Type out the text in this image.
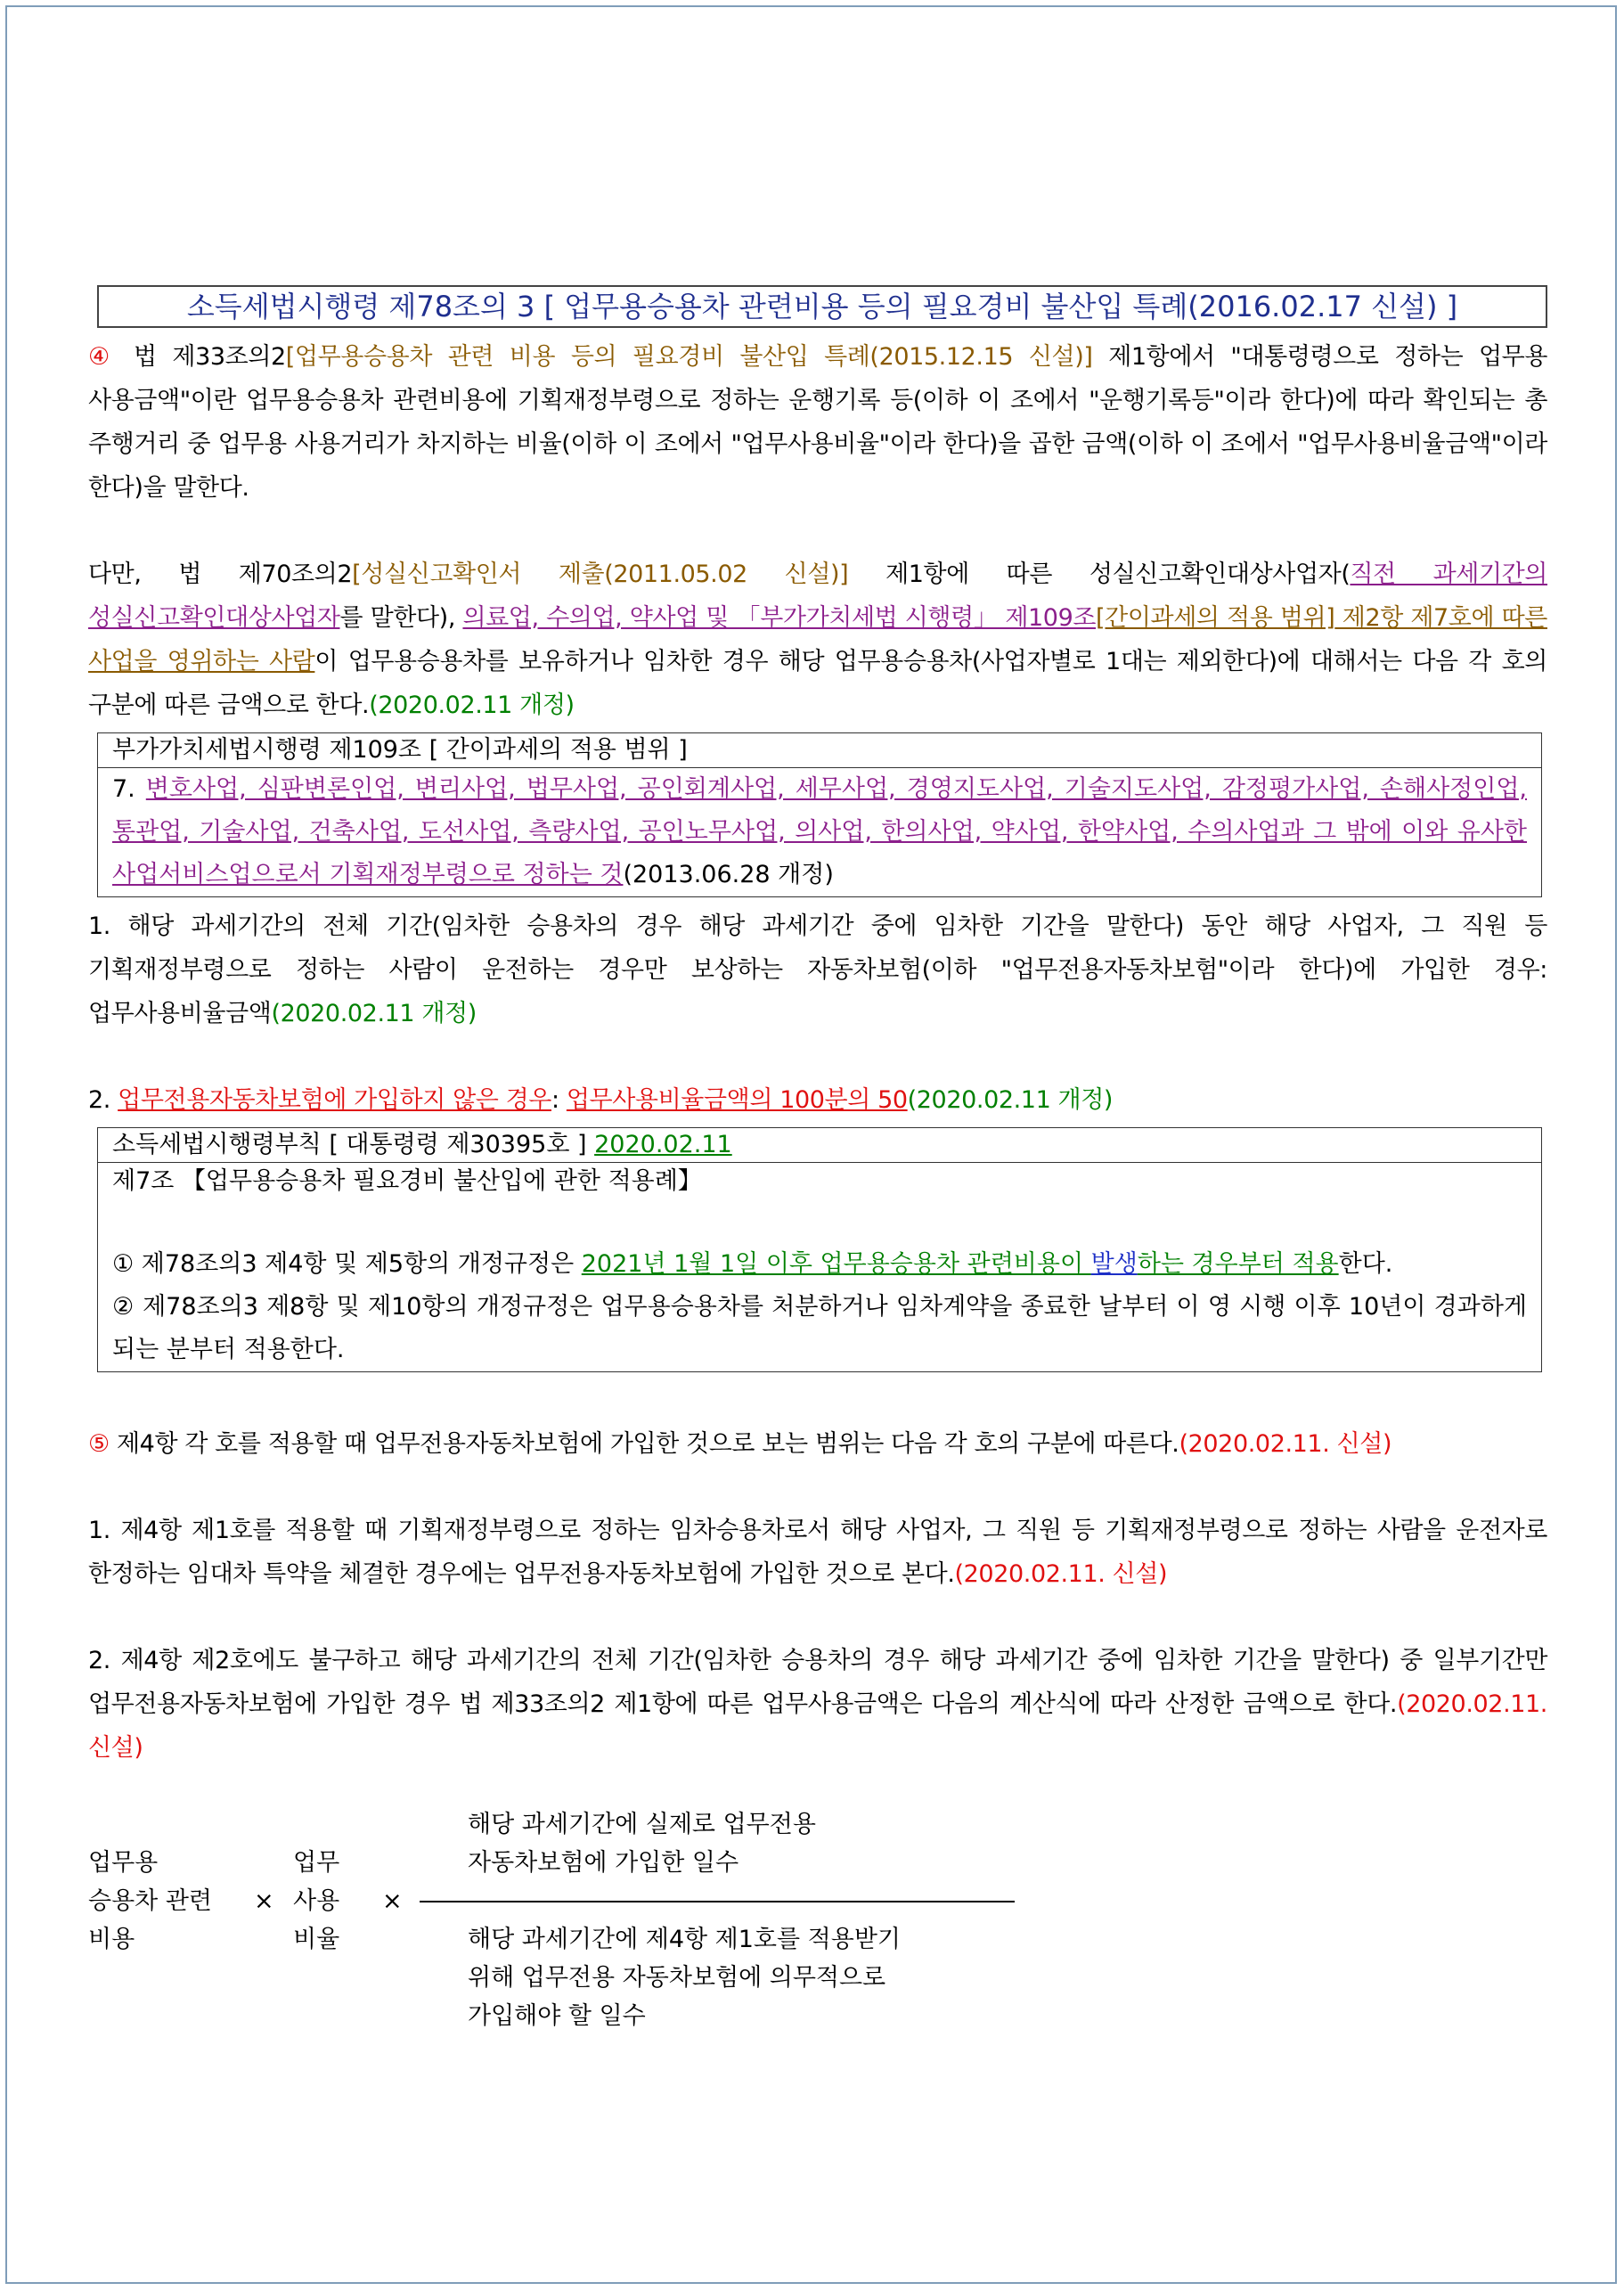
소득세법시행령 제78조의 3 [ 업무용승용차 관련비용 등의 필요경비 불산입 특례(2016.02.17 신설) ]

④ 법 제33조의2[업무용승용차 관련 비용 등의 필요경비 불산입 특례(2015.12.15 신설)] 제1항에서 "대통령령으로 정하는 업무용 사용금액"이란 업무용승용차 관련비용에 기획재정부령으로 정하는 운행기록 등(이하 이 조에서 "운행기록등"이라 한다)에 따라 확인되는 총 주행거리 중 업무용 사용거리가 차지하는 비율(이하 이 조에서 "업무사용비율"이라 한다)을 곱한 금액(이하 이 조에서 "업무사용비율금액"이라 한다)을 말한다.

다만, 법 제70조의2[성실신고확인서 제출(2011.05.02 신설)] 제1항에 따른 성실신고확인대상사업자(직전 과세기간의 성실신고확인대상사업자를 말한다), 의료업, 수의업, 약사업 및 「부가가치세법 시행령」 제109조[간이과세의 적용 범위] 제2항 제7호에 따른 사업을 영위하는 사람이 업무용승용차를 보유하거나 임차한 경우 해당 업무용승용차(사업자별로 1대는 제외한다)에 대해서는 다음 각 호의 구분에 따른 금액으로 한다.(2020.02.11 개정)

부가가치세법시행령 제109조 [ 간이과세의 적용 범위 ]
7. 변호사업, 심판변론인업, 변리사업, 법무사업, 공인회계사업, 세무사업, 경영지도사업, 기술지도사업, 감정평가사업, 손해사정인업, 통관업, 기술사업, 건축사업, 도선사업, 측량사업, 공인노무사업, 의사업, 한의사업, 약사업, 한약사업, 수의사업과 그 밖에 이와 유사한 사업서비스업으로서 기획재정부령으로 정하는 것(2013.06.28 개정)

1. 해당 과세기간의 전체 기간(임차한 승용차의 경우 해당 과세기간 중에 임차한 기간을 말한다) 동안 해당 사업자, 그 직원 등 기획재정부령으로 정하는 사람이 운전하는 경우만 보상하는 자동차보험(이하 "업무전용자동차보험"이라 한다)에 가입한 경우: 업무사용비율금액(2020.02.11 개정)

2. 업무전용자동차보험에 가입하지 않은 경우: 업무사용비율금액의 100분의 50(2020.02.11 개정)

소득세법시행령부칙 [ 대통령령 제30395호 ] 2020.02.11
제7조 【업무용승용차 필요경비 불산입에 관한 적용례】
① 제78조의3 제4항 및 제5항의 개정규정은 2021년 1월 1일 이후 업무용승용차 관련비용이 발생하는 경우부터 적용한다.
② 제78조의3 제8항 및 제10항의 개정규정은 업무용승용차를 처분하거나 임차계약을 종료한 날부터 이 영 시행 이후 10년이 경과하게 되는 분부터 적용한다.

⑤ 제4항 각 호를 적용할 때 업무전용자동차보험에 가입한 것으로 보는 범위는 다음 각 호의 구분에 따른다.(2020.02.11. 신설)

1. 제4항 제1호를 적용할 때 기획재정부령으로 정하는 임차승용차로서 해당 사업자, 그 직원 등 기획재정부령으로 정하는 사람을 운전자로 한정하는 임대차 특약을 체결한 경우에는 업무전용자동차보험에 가입한 것으로 본다.(2020.02.11. 신설)

2. 제4항 제2호에도 불구하고 해당 과세기간의 전체 기간(임차한 승용차의 경우 해당 과세기간 중에 임차한 기간을 말한다) 중 일부기간만 업무전용자동차보험에 가입한 경우 법 제33조의2 제1항에 따른 업무사용금액은 다음의 계산식에 따라 산정한 금액으로 한다.(2020.02.11. 신설)

업무용
승용차 관련
비용
×
업무
사용
비율
×
해당 과세기간에 실제로 업무전용
자동차보험에 가입한 일수
해당 과세기간에 제4항 제1호를 적용받기
위해 업무전용 자동차보험에 의무적으로
가입해야 할 일수
